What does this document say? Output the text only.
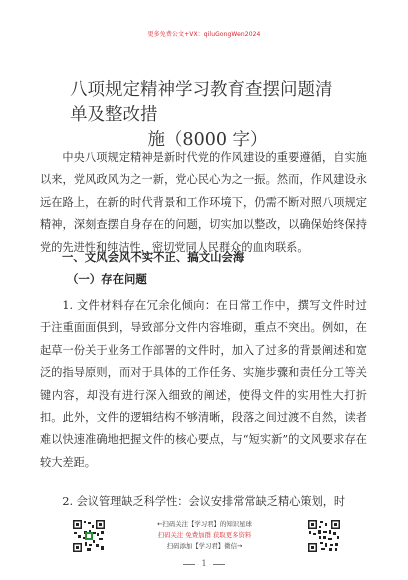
更多免费公文+VX：qiluGongWen2024
八项规定精神学习教育查摆问题清单及整改措
施（8000 字）

中央八项规定精神是新时代党的作风建设的重要遵循，自实施以来，党风政风为之一新，党心民心为之一振。然而，作风建设永远在路上，在新的时代背景和工作环境下，仍需不断对照八项规定精神，深刻查摆自身存在的问题，切实加以整改，以确保始终保持党的先进性和纯洁性，密切党同人民群众的血肉联系。

一、文风会风不实不正、搞文山会海
（一）存在问题

1. 文件材料存在冗余化倾向：在日常工作中，撰写文件时过于注重面面俱到，导致部分文件内容堆砌，重点不突出。例如，在起草一份关于业务工作部署的文件时，加入了过多的背景阐述和宽泛的指导原则，而对于具体的工作任务、实施步骤和责任分工等关键内容，却没有进行深入细致的阐述，使得文件的实用性大打折扣。此外，文件的逻辑结构不够清晰，段落之间过渡不自然，读者难以快速准确地把握文件的核心要点，与“短实新”的文风要求存在较大差距。

2. 会议管理缺乏科学性：会议安排常常缺乏精心策划，时

←扫码关注【学习君】的知识星球
扫码关注 免费加群 获取更多资料
扫码添加【学习君】微信→
1
